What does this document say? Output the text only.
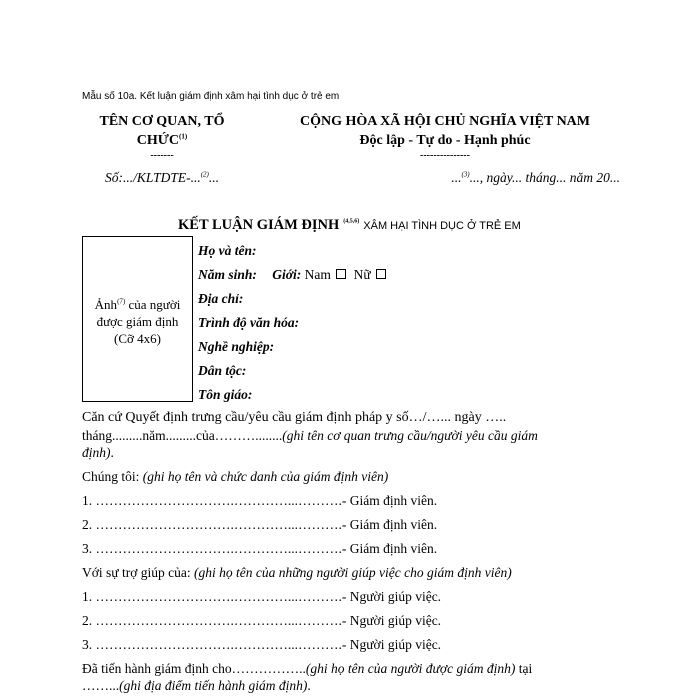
Mẫu số 10a. Kết luận giám định xâm hại tình dục ở trẻ em
TÊN CƠ QUAN, TỔ
CHỨC$^{(1)}$
-------
CỘNG HÒA XÃ HỘI CHỦ NGHĨA VIỆT NAM
Độc lập - Tự do - Hạnh phúc
---------------
Số:.../KLTDTE-...$^{(2)}$...	...$^{(3)}$..., ngày... tháng... năm 20...
KẾT LUẬN GIÁM ĐỊNH $^{(4,5,6)}$ XÂM HẠI TÌNH DỤC Ở TRẺ EM
Ảnh$^{(7)}$ của người
được giám định
(Cỡ 4x6)
Họ và tên:
Năm sinh: Giới: Nam Nữ
Địa chỉ:
Trình độ văn hóa:
Nghề nghiệp:
Dân tộc:
Tôn giáo:
Căn cứ Quyết định trưng cầu/yêu cầu giám định pháp y số…/…... ngày …..
tháng.........năm.........của………........(ghi tên cơ quan trưng cầu/người yêu cầu giám
định).
Chúng tôi: (ghi họ tên và chức danh của giám định viên)
1. ………………………….…………...……….- Giám định viên.
2. ………………………….…………...……….- Giám định viên.
3. ………………………….…………...……….- Giám định viên.
Với sự trợ giúp của: (ghi họ tên của những người giúp việc cho giám định viên)
1. ………………………….…………...……….- Người giúp việc.
2. ………………………….…………...……….- Người giúp việc.
3. ………………………….…………...……….- Người giúp việc.
Đã tiến hành giám định cho……………..(ghi họ tên của người được giám định) tại
……...(ghi địa điểm tiến hành giám định).
